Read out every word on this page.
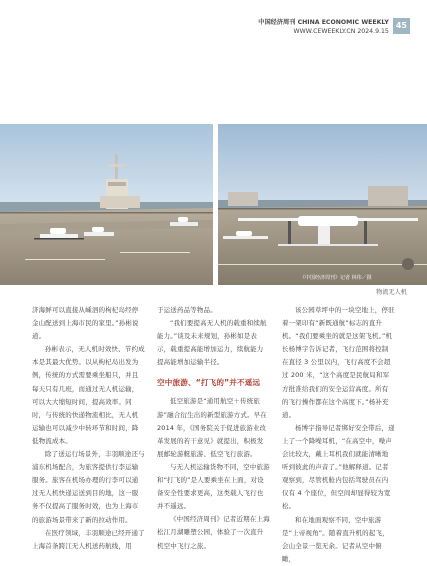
中国经济周刊 CHINA ECONOMIC WEEKLY
WWW.CEWEEKLY.CN 2024.9.15
45
《中国经济周刊》记者 林伟／摄
物流无人机

济海鲜可以直接从嵊泗的枸杞岛经停金山配送到上海市民的家里。”孙彬说道。

孙彬表示，无人机时效快、节约成本是其最大优势。以从枸杞岛出发为例，传统的方式需要乘坐船只，并且每天只有几班，而通过无人机运输，可以大大缩短时间，提高效率。同时，与传统的快递物流相比，无人机运输也可以减少中转环节和时间，降低物流成本。

除了送运行场景外，丰羽顺途还与浦东机场配合，为旅客提供行李运输服务。旅客在机场办理的行李可以通过无人机快递运送到目的地，这一服务不仅提高了服务时效，也为上海市的旅游场景带来了新的拉动作用。

在医疗领域，丰羽顺途已经开通了上海首条跨江无人机送药航线，用

于运送药品等物品。

“我们要提高无人机的载重和续航能力。”谈及未来规划，孙彬如是表示，载重提高能增加运力，续航能力提高能增加运输半径。

空中旅游、“打飞的”并不遥远

低空旅游是“通用航空＋传统旅游”融合衍生出的新型旅游方式。早在 2014 年，《国务院关于促进旅游业改革发展的若干意见》就提出，积极发展邮轮游艇旅游、低空飞行旅游。

与无人机运输货物不同，空中旅游和“打飞的”是人要乘坐在上面，对设备安全性要求更高，这类载人飞行也并不遥远。

《中国经济周刊》记者近期在上海松江月湖雕塑公园，体验了一次直升机空中飞行之旅。

该公园草坪中的一块空地上，停驻着一架印有“新既通航”标志的直升机。“我们要乘坐的就是这架飞机。”机长杨博宇告诉记者，飞行范围将控制在直径 3 公里以内，飞行高度不会超过 200 米，“这个高度是民航局和军方批准给我们的安全运营高度。所有的飞行操作都在这个高度下。”杨补充道。

杨博宇指导记者绑好安全带后，递上了一个降噪耳机，“在高空中，噪声会比较大，戴上耳机我们就能清晰地听到彼此的声音了。”他解释道。记者观察到，尽管机舱内包括驾驶员在内仅有 4 个座位，但空间却显得较为宽松。

和在地面观察不同，空中旅游是“上帝视角”。随着直升机的起飞，会山全景一览无余。记者从空中俯瞰，
